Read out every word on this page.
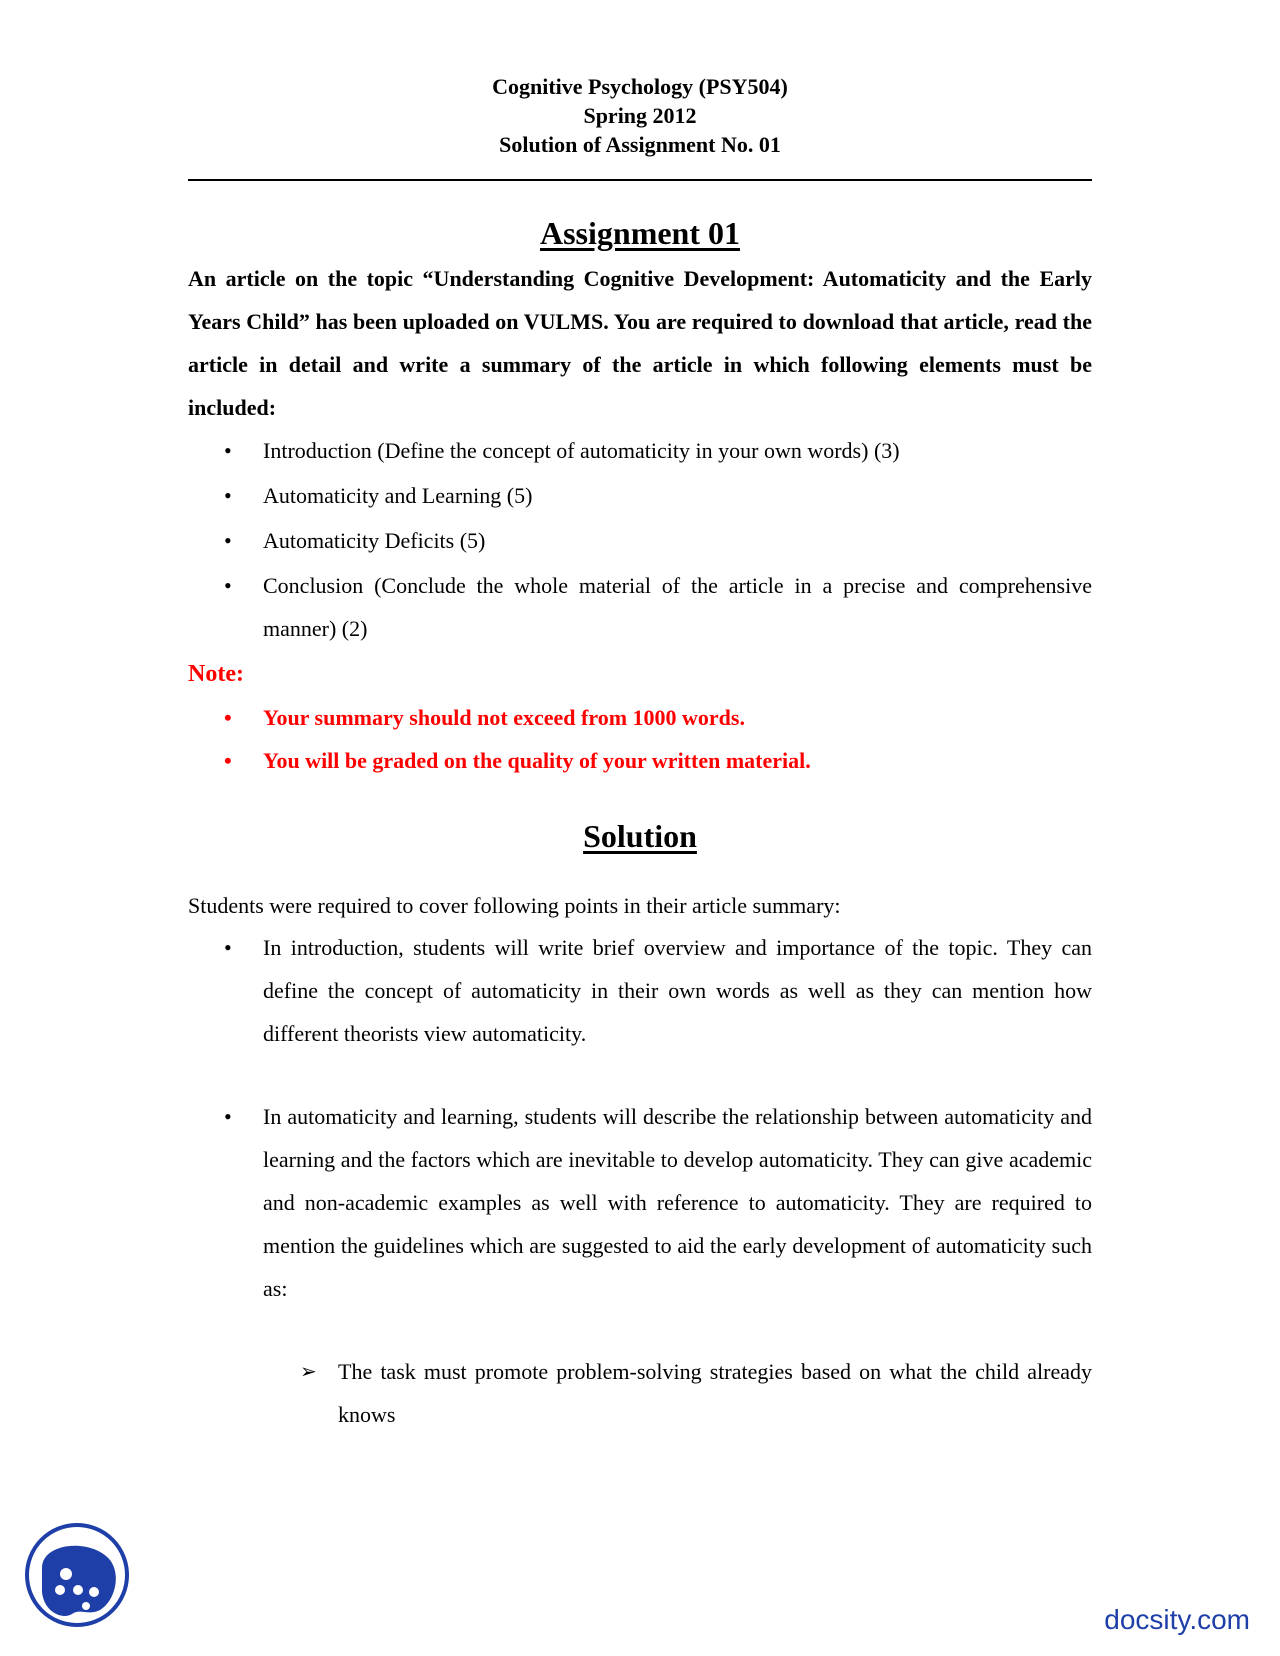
Cognitive Psychology (PSY504)

Spring 2012

Solution of Assignment No. 01

Assignment 01

An article on the topic “Understanding Cognitive Development: Automaticity and the Early Years Child” has been uploaded on VULMS. You are required to download that article, read the article in detail and write a summary of the article in which following elements must be included:

• Introduction (Define the concept of automaticity in your own words) (3)
• Automaticity and Learning (5)
• Automaticity Deficits (5)
• Conclusion (Conclude the whole material of the article in a precise and comprehensive manner) (2)

Note:

• Your summary should not exceed from 1000 words.
• You will be graded on the quality of your written material.
Solution

Students were required to cover following points in their article summary:

• In introduction, students will write brief overview and importance of the topic. They can define the concept of automaticity in their own words as well as they can mention how different theorists view automaticity.
• In automaticity and learning, students will describe the relationship between automaticity and learning and the factors which are inevitable to develop automaticity. They can give academic and non-academic examples as well with reference to automaticity. They are required to mention the guidelines which are suggested to aid the early development of automaticity such as:
➢ The task must promote problem-solving strategies based on what the child already knows
docsity.com
